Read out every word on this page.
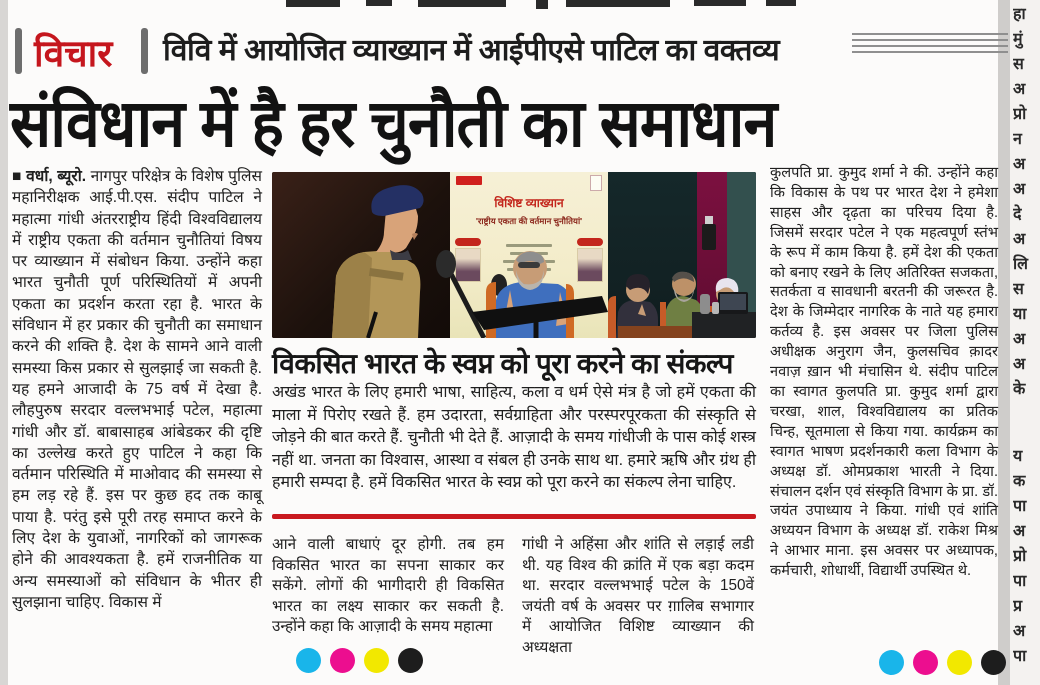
विचार विवि में आयोजित व्याख्यान में आईपीएसे पाटिल का वक्तव्य
संविधान में है हर चुनौती का समाधान
■ वर्धा, ब्यूरो. नागपुर परिक्षेत्र के विशेष पुलिस महानिरीक्षक आई.पी.एस. संदीप पाटिल ने महात्मा गांधी अंतरराष्ट्रीय हिंदी विश्वविद्यालय में राष्ट्रीय एकता की वर्तमान चुनौतियां विषय पर व्याख्यान में संबोधन किया. उन्होंने कहा भारत चुनौती पूर्ण परिस्थितियों में अपनी एकता का प्रदर्शन करता रहा है. भारत के संविधान में हर प्रकार की चुनौती का समाधान करने की शक्ति है. देश के सामने आने वाली समस्या किस प्रकार से सुलझाई जा सकती है. यह हमने आजादी के 75 वर्ष में देखा है. लौहपुरुष सरदार वल्लभभाई पटेल, महात्मा गांधी और डॉ. बाबासाहब आंबेडकर की दृष्टि का उल्लेख करते हुए पाटिल ने कहा कि वर्तमान परिस्थिति में माओवाद की समस्या से हम लड़ रहे हैं. इस पर कुछ हद तक काबू पाया है. परंतु इसे पूरी तरह समाप्त करने के लिए देश के युवाओं, नागरिकों को जागरूक होने की आवश्यकता है. हमें राजनीतिक या अन्य समस्याओं को संविधान के भीतर ही सुलझाना चाहिए. विकास में
विशिष्ट व्याख्यान
'राष्ट्रीय एकता की वर्तमान चुनौतियां'
विकसित भारत के स्वप्न को पूरा करने का संकल्प
अखंड भारत के लिए हमारी भाषा, साहित्य, कला व धर्म ऐसे मंत्र है जो हमें एकता की माला में पिरोए रखते हैं. हम उदारता, सर्वग्राहिता और परस्परपूरकता की संस्कृति से जोड़ने की बात करते हैं. चुनौती भी देते हैं. आज़ादी के समय गांधीजी के पास कोई शस्त्र नहीं था. जनता का विश्वास, आस्था व संबल ही उनके साथ था. हमारे ऋषि और ग्रंथ ही हमारी सम्पदा है. हमें विकसित भारत के स्वप्न को पूरा करने का संकल्प लेना चाहिए.
आने वाली बाधाएं दूर होगी. तब हम विकसित भारत का सपना साकार कर सकेंगे. लोगों की भागीदारी ही विकसित भारत का लक्ष्य साकार कर सकती है. उन्होंने कहा कि आज़ादी के समय महात्मा
गांधी ने अहिंसा और शांति से लड़ाई लडी थी. यह विश्व की क्रांति में एक बड़ा कदम था. सरदार वल्लभभाई पटेल के 150वें जयंती वर्ष के अवसर पर ग़ालिब सभागार में आयोजित विशिष्ट व्याख्यान की अध्यक्षता
कुलपति प्रा. कुमुद शर्मा ने की. उन्होंने कहा कि विकास के पथ पर भारत देश ने हमेशा साहस और दृढ़ता का परिचय दिया है. जिसमें सरदार पटेल ने एक महत्वपूर्ण स्तंभ के रूप में काम किया है. हमें देश की एकता को बनाए रखने के लिए अतिरिक्त सजकता, सतर्कता व सावधानी बरतनी की जरूरत है. देश के जिम्मेदार नागरिक के नाते यह हमारा कर्तव्य है. इस अवसर पर जिला पुलिस अधीक्षक अनुराग जैन, कुलसचिव क़ादर नवाज़ ख़ान भी मंचासिन थे. संदीप पाटिल का स्वागत कुलपति प्रा. कुमुद शर्मा द्वारा चरखा, शाल, विश्वविद्यालय का प्रतिक चिन्ह, सूतमाला से किया गया. कार्यक्रम का स्वागत भाषण प्रदर्शनकारी कला विभाग के अध्यक्ष डॉ. ओमप्रकाश भारती ने दिया. संचालन दर्शन एवं संस्कृति विभाग के प्रा. डॉ. जयंत उपाध्याय ने किया. गांधी एवं शांति अध्ययन विभाग के अध्यक्ष डॉ. राकेश मिश्र ने आभार माना. इस अवसर पर अध्यापक, कर्मचारी, शोधार्थी, विद्यार्थी उपस्थित थे.
हा
मुं
स
अ
प्रो
न
अ
अ
दे
अ
लि
स
या
अ
अ
के
य
क
पा
अ
प्रो
पा
प्र
अ
पा
